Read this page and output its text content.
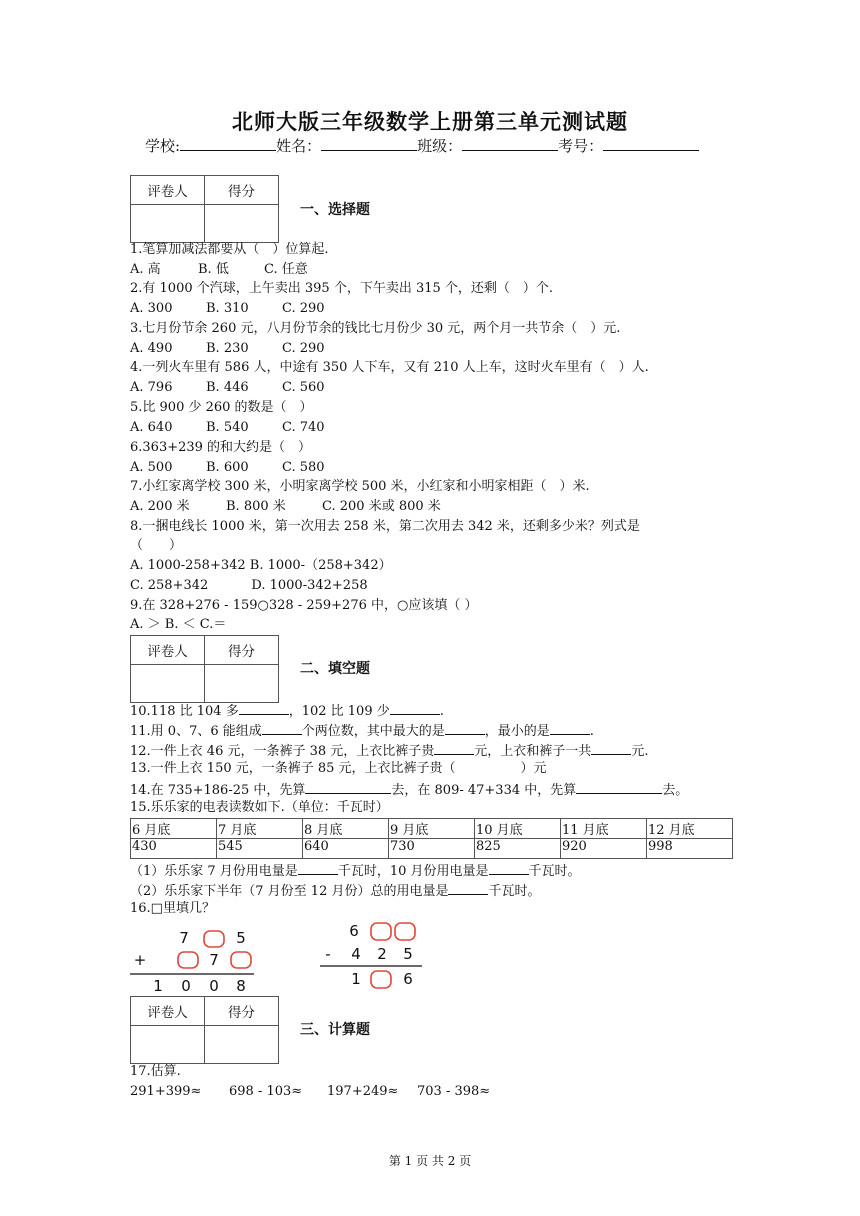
北师大版三年级数学上册第三单元测试题
学校:	姓名：	班级：	考号：
评卷人	得分

一、选择题
1.笔算加减法都要从（　）位算起.
A. 高	B. 低	C. 任意
2.有 1000 个汽球，上午卖出 395 个，下午卖出 315 个，还剩（　）个.
A. 300	B. 310	C. 290
3.七月份节余 260 元，八月份节余的钱比七月份少 30 元，两个月一共节余（　）元.
A. 490	B. 230	C. 290
4.一列火车里有 586 人，中途有 350 人下车，又有 210 人上车，这时火车里有（　）人.
A. 796	B. 446	C. 560
5.比 900 少 260 的数是（　）
A. 640	B. 540	C. 740
6.363+239 的和大约是（　）
A. 500	B. 600	C. 580
7.小红家离学校 300 米，小明家离学校 500 米，小红家和小明家相距（　）米.
A. 200 米	B. 800 米	C. 200 米或 800 米
8.一捆电线长 1000 米，第一次用去 258 米，第二次用去 342 米，还剩多少米？列式是
（　　）
A. 1000-258+342 B. 1000-（258+342）
C. 258+342　　　 D. 1000-342+258
9.在 328+276 - 159○328 - 259+276 中，○应该填（ ）
A. ＞ B. ＜ C.＝
评卷人	得分

二、填空题
10.118 比 104 多	，102 比 109 少	.
11.用 0、7、6 能组成	个两位数，其中最大的是	，最小的是	.
12.一件上衣 46 元，一条裤子 38 元，上衣比裤子贵	元，上衣和裤子一共	元.
13.一件上衣 150 元，一条裤子 85 元，上衣比裤子贵（　　　　　）元
14.在 735+186-25 中，先算	去，在 809- 47+334 中，先算	去。
15.乐乐家的电表读数如下.（单位：千瓦时）
6 月底	7 月底	8 月底	9 月底	10 月底	11 月底	12 月底
430	545	640	730	825	920	998
（1）乐乐家 7 月份用电量是	千瓦时，10 月份用电量是	千瓦时。
（2）乐乐家下半年（7 月份至 12 月份）总的用电量是	千瓦时。
16.□里填几？
7	5
+	7
1 0 0 8
6
- 4 2 5
1	6
评卷人	得分

三、计算题
17.估算.
291+399≈ 698 - 103≈ 197+249≈ 703 - 398≈
第 1 页 共 2 页
